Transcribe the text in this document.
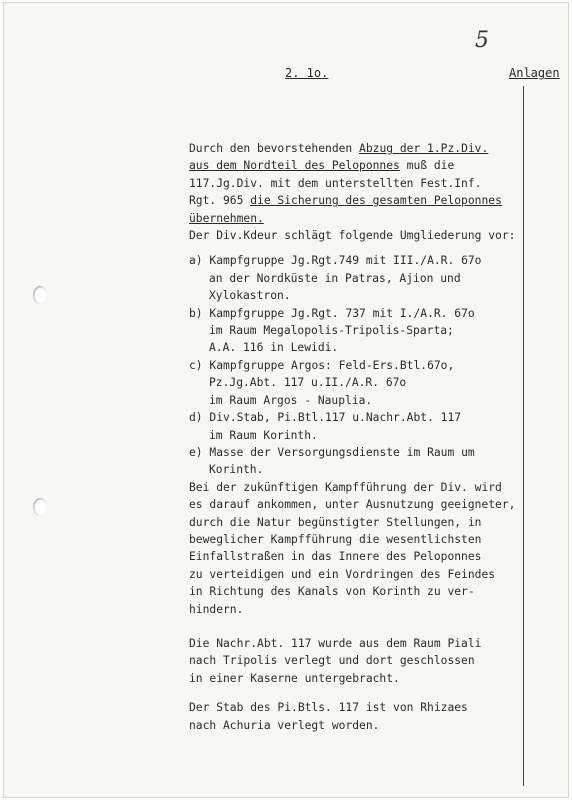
5
2. 1o.	Anlagen
Durch den bevorstehenden Abzug der 1.Pz.Div.
aus dem Nordteil des Peloponnes muß die
117.Jg.Div. mit dem unterstellten Fest.Inf.
Rgt. 965 die Sicherung des gesamten Peloponnes
übernehmen.
Der Div.Kdeur schlägt folgende Umgliederung vor:
a) Kampfgruppe Jg.Rgt.749 mit III./A.R. 67o
an der Nordküste in Patras, Ajion und
Xylokastron.
b) Kampfgruppe Jg.Rgt. 737 mit I./A.R. 67o
im Raum Megalopolis-Tripolis-Sparta;
A.A. 116 in Lewidi.
c) Kampfgruppe Argos: Feld-Ers.Btl.67o,
Pz.Jg.Abt. 117 u.II./A.R. 67o
im Raum Argos - Nauplia.
d) Div.Stab, Pi.Btl.117 u.Nachr.Abt. 117
im Raum Korinth.
e) Masse der Versorgungsdienste im Raum um
Korinth.
Bei der zukünftigen Kampfführung der Div. wird
es darauf ankommen, unter Ausnutzung geeigneter,
durch die Natur begünstigter Stellungen, in
beweglicher Kampfführung die wesentlichsten
Einfallstraßen in das Innere des Peloponnes
zu verteidigen und ein Vordringen des Feindes
in Richtung des Kanals von Korinth zu ver-
hindern.
Die Nachr.Abt. 117 wurde aus dem Raum Piali
nach Tripolis verlegt und dort geschlossen
in einer Kaserne untergebracht.
Der Stab des Pi.Btls. 117 ist von Rhizaes
nach Achuria verlegt worden.
